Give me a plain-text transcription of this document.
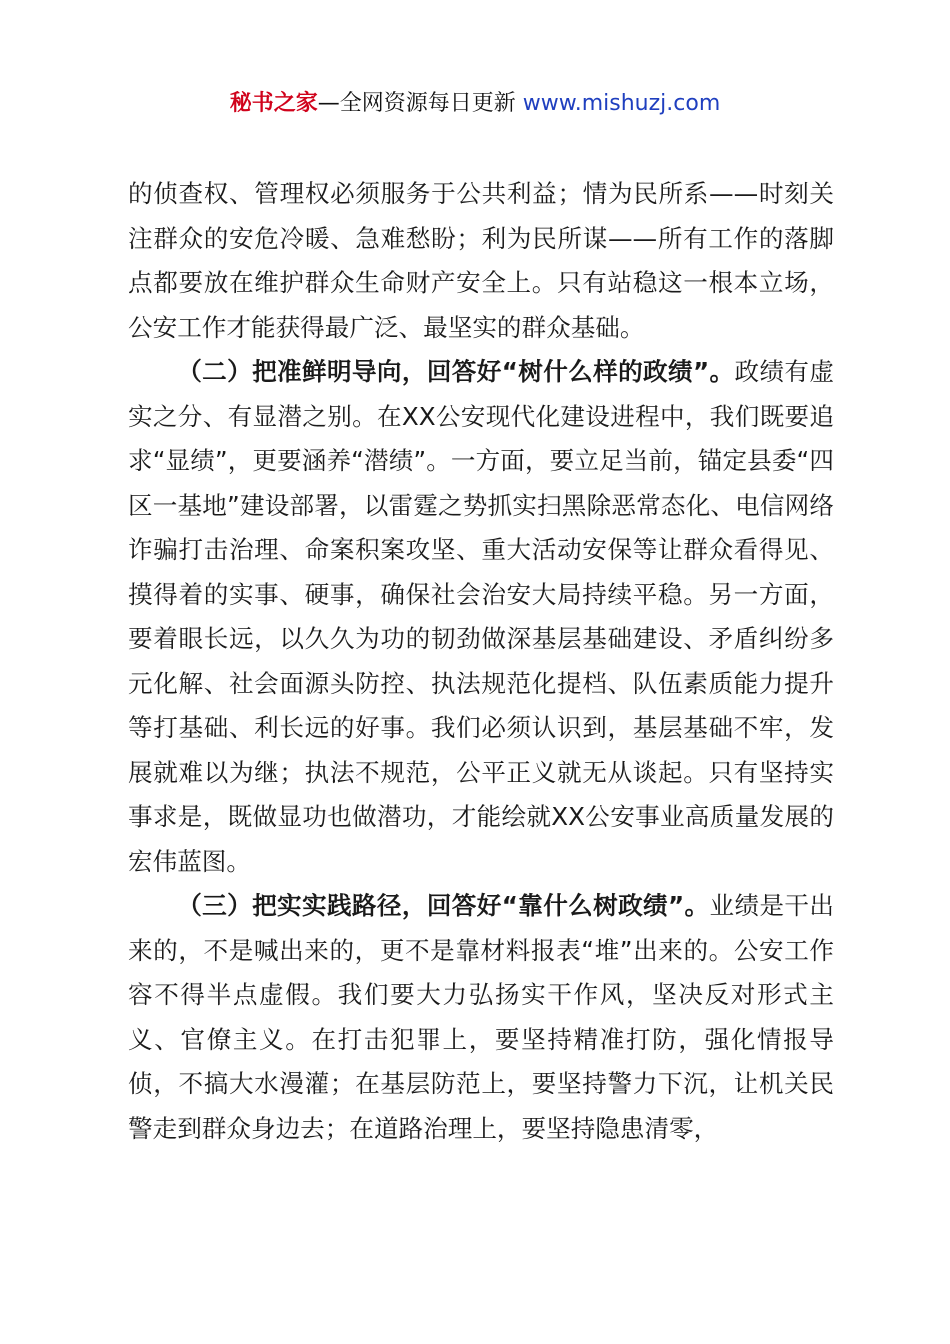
秘书之家—全网资源每日更新 www.mishuzj.com

的侦查权、管理权必须服务于公共利益；情为民所系——时刻关注群众的安危冷暖、急难愁盼；利为民所谋——所有工作的落脚点都要放在维护群众生命财产安全上。只有站稳这一根本立场，公安工作才能获得最广泛、最坚实的群众基础。

（二）把准鲜明导向，回答好“树什么样的政绩”。政绩有虚实之分、有显潜之别。在XX公安现代化建设进程中，我们既要追求“显绩”，更要涵养“潜绩”。一方面，要立足当前，锚定县委“四区一基地”建设部署，以雷霆之势抓实扫黑除恶常态化、电信网络诈骗打击治理、命案积案攻坚、重大活动安保等让群众看得见、摸得着的实事、硬事，确保社会治安大局持续平稳。另一方面，要着眼长远，以久久为功的韧劲做深基层基础建设、矛盾纠纷多元化解、社会面源头防控、执法规范化提档、队伍素质能力提升等打基础、利长远的好事。我们必须认识到，基层基础不牢，发展就难以为继；执法不规范，公平正义就无从谈起。只有坚持实事求是，既做显功也做潜功，才能绘就XX公安事业高质量发展的宏伟蓝图。

（三）把实实践路径，回答好“靠什么树政绩”。业绩是干出来的，不是喊出来的，更不是靠材料报表“堆”出来的。公安工作容不得半点虚假。我们要大力弘扬实干作风，坚决反对形式主义、官僚主义。在打击犯罪上，要坚持精准打防，强化情报导侦，不搞大水漫灌；在基层防范上，要坚持警力下沉，让机关民警走到群众身边去；在道路治理上，要坚持隐患清零，
